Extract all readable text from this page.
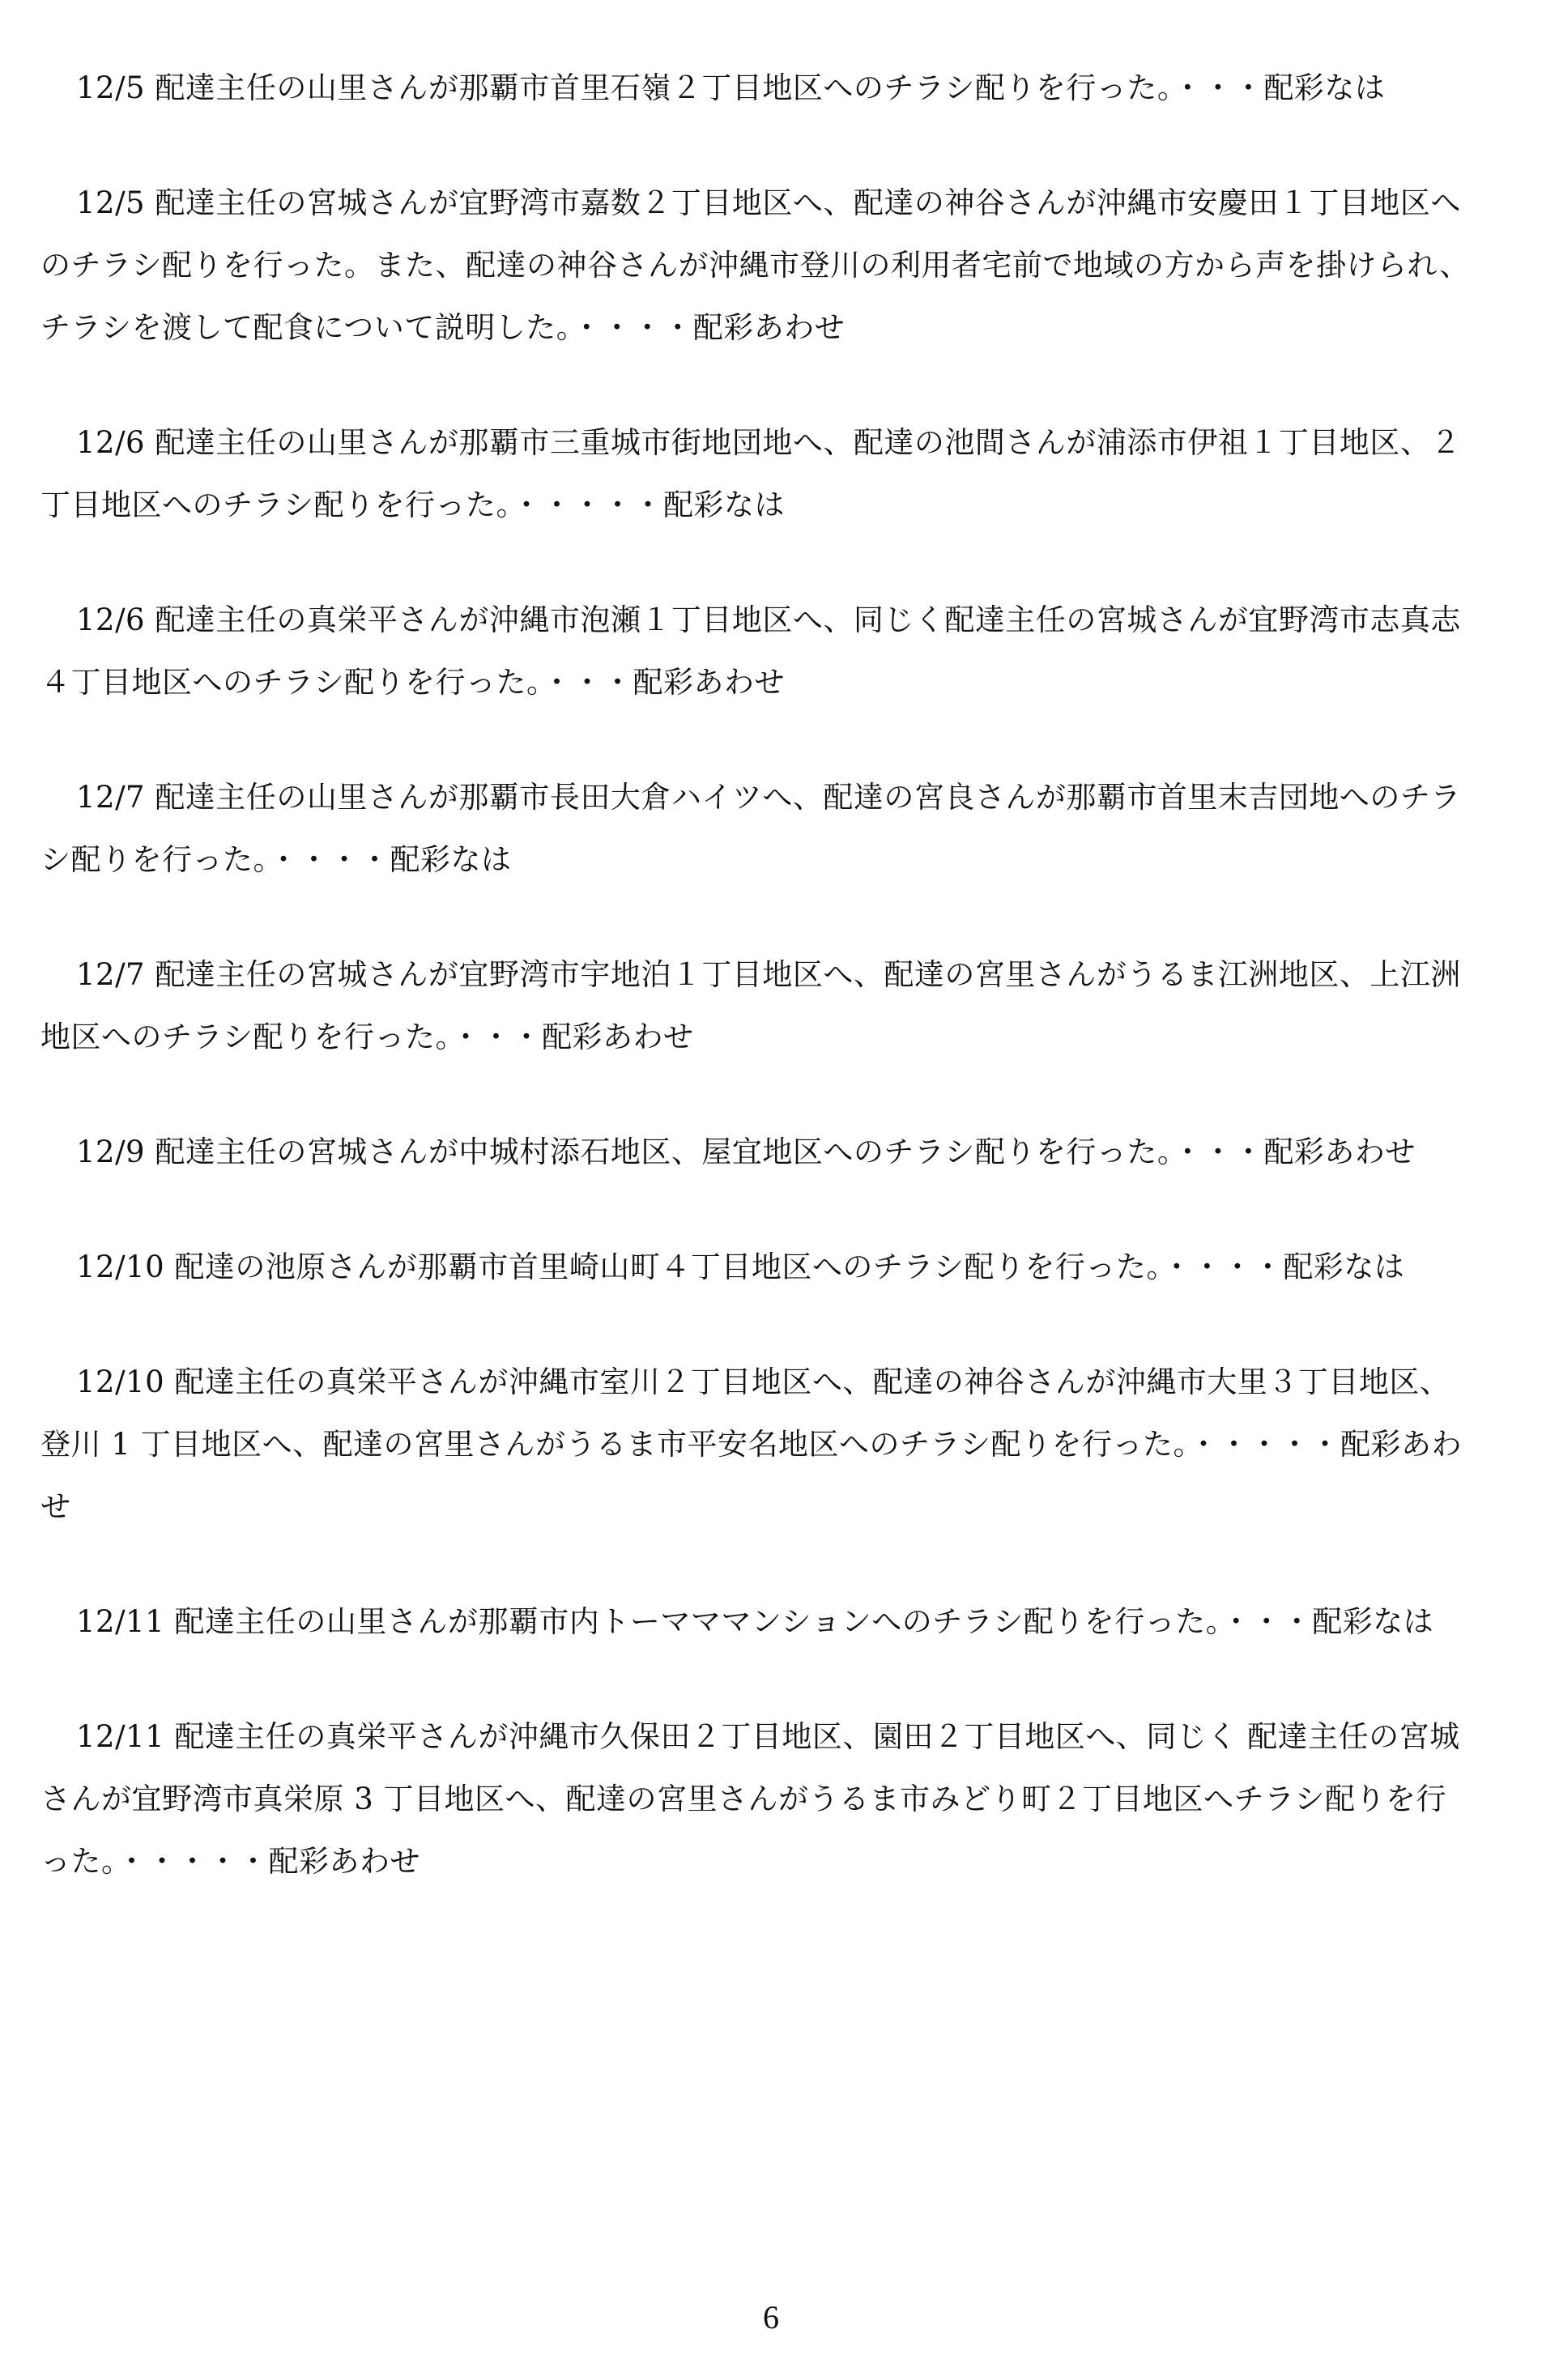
12/5 配達主任の山里さんが那覇市首里石嶺２丁目地区へのチラシ配りを行った。・・・配彩なは

12/5 配達主任の宮城さんが宜野湾市嘉数２丁目地区へ、配達の神谷さんが沖縄市安慶田１丁目地区へのチラシ配りを行った。また、配達の神谷さんが沖縄市登川の利用者宅前で地域の方から声を掛けられ、チラシを渡して配食について説明した。・・・・配彩あわせ

12/6 配達主任の山里さんが那覇市三重城市街地団地へ、配達の池間さんが浦添市伊祖１丁目地区、２丁目地区へのチラシ配りを行った。・・・・・配彩なは

12/6 配達主任の真栄平さんが沖縄市泡瀬１丁目地区へ、同じく配達主任の宮城さんが宜野湾市志真志４丁目地区へのチラシ配りを行った。・・・配彩あわせ

12/7 配達主任の山里さんが那覇市長田大倉ハイツへ、配達の宮良さんが那覇市首里末吉団地へのチラシ配りを行った。・・・・配彩なは

12/7 配達主任の宮城さんが宜野湾市宇地泊１丁目地区へ、配達の宮里さんがうるま江洲地区、上江洲地区へのチラシ配りを行った。・・・配彩あわせ

12/9 配達主任の宮城さんが中城村添石地区、屋宜地区へのチラシ配りを行った。・・・配彩あわせ

12/10 配達の池原さんが那覇市首里崎山町４丁目地区へのチラシ配りを行った。・・・・配彩なは

12/10 配達主任の真栄平さんが沖縄市室川２丁目地区へ、配達の神谷さんが沖縄市大里３丁目地区、登川 1 丁目地区へ、配達の宮里さんがうるま市平安名地区へのチラシ配りを行った。・・・・・配彩あわせ

12/11 配達主任の山里さんが那覇市内トーマママンションへのチラシ配りを行った。・・・配彩なは

12/11 配達主任の真栄平さんが沖縄市久保田２丁目地区、園田２丁目地区へ、同じく 配達主任の宮城さんが宜野湾市真栄原 3 丁目地区へ、配達の宮里さんがうるま市みどり町２丁目地区へチラシ配りを行った。・・・・・配彩あわせ

6
